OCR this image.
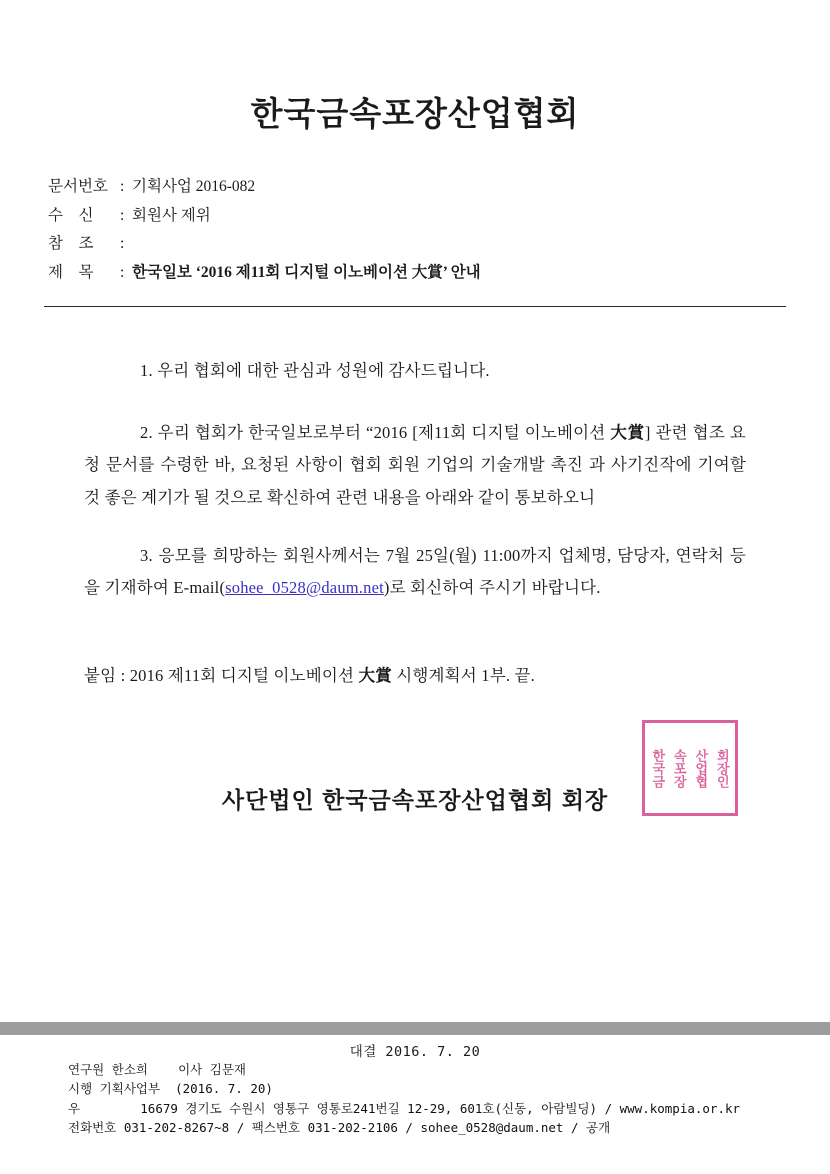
한국금속포장산업협회
문서번호 : 기획사업 2016-082
수    신	: 회원사 제위
참    조	:
제    목	: 한국일보 ‘2016 제11회 디지털 이노베이션 大賞’ 안내

1. 우리 협회에 대한 관심과 성원에 감사드립니다.

2. 우리 협회가 한국일보로부터 “2016 [제11회 디지털 이노베이션 大賞] 관련 협조 요청 문서를 수령한 바, 요청된 사항이 협회 회원 기업의 기술개발 촉진 과 사기진작에 기여할 것 좋은 계기가 될 것으로 확신하여 관련 내용을 아래와 같이 통보하오니

3. 응모를 희망하는 회원사께서는 7월 25일(월) 11:00까지 업체명, 담당자, 연락처 등을 기재하여 E-mail(sohee_0528@daum.net)로 회신하여 주시기 바랍니다.

붙임 : 2016 제11회 디지털 이노베이션 大賞 시행계획서 1부. 끝.
사단법인 한국금속포장산업협회 회장
한국금 속포장 산업협 회장인
대결 2016. 7. 20
연구원 한소희    이사 김문재
시행 기획사업부  (2016. 7. 20)
우        16679 경기도 수원시 영통구 영통로241번길 12-29, 601호(신동, 아람빌딩) / www.kompia.or.kr
전화번호 031-202-8267~8 / 팩스번호 031-202-2106 / sohee_0528@daum.net / 공개
